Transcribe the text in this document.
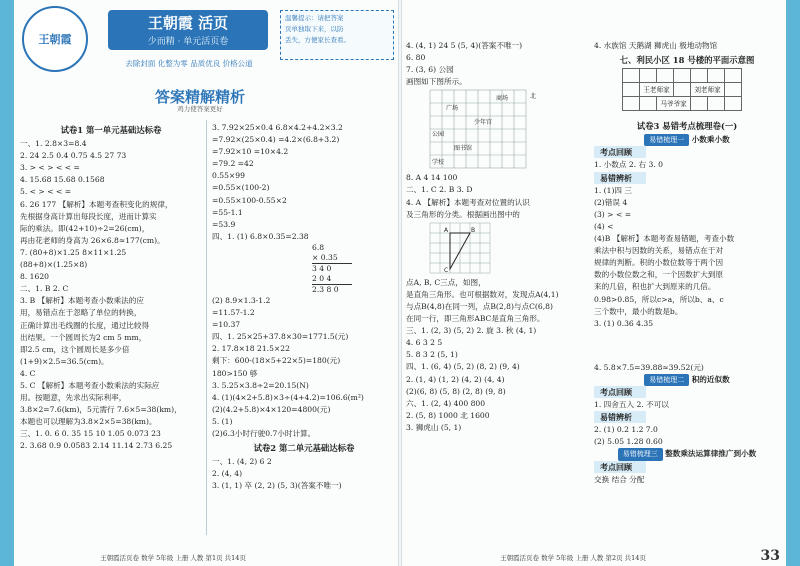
王朝霞
王朝霞 活页
少而精 · 单元活页卷
去除封面 化整为零 品质优良 价格公道
温馨提示：请把答案
页单独取下来，以防
丢失，方便家长查看。
答案精解精析
鸡力使答案更好
试卷1 第一单元基础达标卷
一、1. 2.8×3=8.4
2. 24 2.5 0.4 0.75 4.5 27 73
3. > < > < < =
4. 15.68 15.68 0.1568
5. < > < < =
6. 26 177 【解析】本题考查积变化的规律，
先根据身高计算出每段长度，进而计算实
际的乘法。即(42+10)÷2=26(cm)，
再由花老师的身高为 26×6.8≈177(cm)。
7. (80+8)×1.25 8×11×1.25
(88+8)×(1.25×8)
8. 1620
二、1. B 2. C
3. B 【解析】本题考查小数乘法的应
用，易错点在于忽略了单位的转换，
正确计算出毛线圈的长度，通过比较得
出结果。一个圆周长为2 cm 5 mm，
即2.5 cm，这个圆周长是多少倍
(1+9)×2.5=36.5(cm)。
4. C
5. C 【解析】本题考查小数乘法的实际应
用。按题意，先求出实际利率，
3.8×2=7.6(km)，5元需行 7.6×5=38(km)，
本题也可以理解为3.8×2×5=38(km)。
三、1. 0. 6 0. 35 15 10 1.05 0.073 23
2. 3.68 0.9 0.0583 2.14 11.14 2.73 6.25
3. 7.92×25×0.4 6.8×4.2+4.2×3.2
=7.92×(25×0.4) =4.2×(6.8+3.2)
=7.92×10 =10×4.2
=79.2 =42
0.55×99
=0.55×(100-2)
=0.55×100-0.55×2
=55-1.1
=53.9
四、1. (1) 6.8×0.35=2.38
6.8
× 0.35
3 4 0
2 0 4
2.3 8 0
(2) 8.9×1.3-1.2
=11.57-1.2
=10.37
四、1. 25×25+37.8×30=1771.5(元)
2. 17.8×18 21.5×22
剩下：600-(18×5+22×5)=180(元)
180>150 够
3. 5.25×3.8÷2=20.15(N)
4. (1)(4×2+5.8)×3÷(4+4.2)=106.6(m²)
(2)(4.2+5.8)×4×120=4800(元)
5. (1)
(2)6.3小时行驶0.7小时计算。
试卷2 第二单元基础达标卷
一、1. (4, 2) 6 2
2. (4, 4)
3. (1, 1) 卒 (2, 2) (5, 3)(答案不唯一)
王朝霞活页卷 数学 5年级 上册 人教 第1页 共14页
4. (4, 1) 24 5 (5, 4)(答案不唯一)
6. 80
7. (3, 6) 公园
画图如下图所示。
广场
少年宫
商场
公园
图书馆
学校
北
8. A 4 14 100
二、1. C 2. B 3. D
4. A 【解析】本题考查对位置的认识
及三角形的分类。根据画出图中的
A	B
C
点A, B, C三点，如图，
是直角三角形。也可根据数对，发现点A(4,1)
与点B(4,8)在同一列，点B(2,8)与点C(6,8)
在同一行，即三角形ABC是直角三角形。
三、1. (2, 3) (5, 2) 2. 旋 3. 秋 (4, 1)
4. 6 3 2 5
5. 8 3 2 (5, 1)
四、1. (6, 4) (5, 2) (8, 2) (9, 4)
2. (1, 4) (1, 2) (4, 2) (4, 4)
(2)(6, 8) (5, 8) (2, 8) (9, 8)
六、1. (2, 4) 400 800
2. (5, 8) 1000 北 1600
3. 狮虎山 (5, 1)
4. 水族馆 天鹅湖 狮虎山 极地动物馆
七、利民小区 18 号楼的平面示意图

	王老师家			刘老师家		
		马爷爷家				
试卷3 易错考点梳理卷(一)
易错梳理一 小数乘小数
考点回顾
1. 小数点 2. 右 3. 0
易错辨析
1. (1)四 三
(2)错误 4
(3) > < =
(4) <
(4)B 【解析】本题考查易错题，考查小数
乘法中积与因数的关系，易错点在于对
规律的判断。积的小数位数等于两个因
数的小数位数之和，一个因数扩大到原
来的几倍，积也扩大到原来的几倍。
0.98>0.85，所以c>a，所以b、a、c
三个数中，最小的数是b。
3. (1) 0.36 4.35
4. 5.8×7.5=39.88≈39.52(元)
易错梳理二 积的近似数
考点回顾
1. 四舍五入 2. 不可以
易错辨析
2. (1) 0.2 1.2 7.0
(2) 5.05 1.28 0.60
易错梳理三 整数乘法运算律推广到小数
考点回顾
交换 结合 分配
王朝霞活页卷 数学 5年级 上册 人教 第2页 共14页	33
